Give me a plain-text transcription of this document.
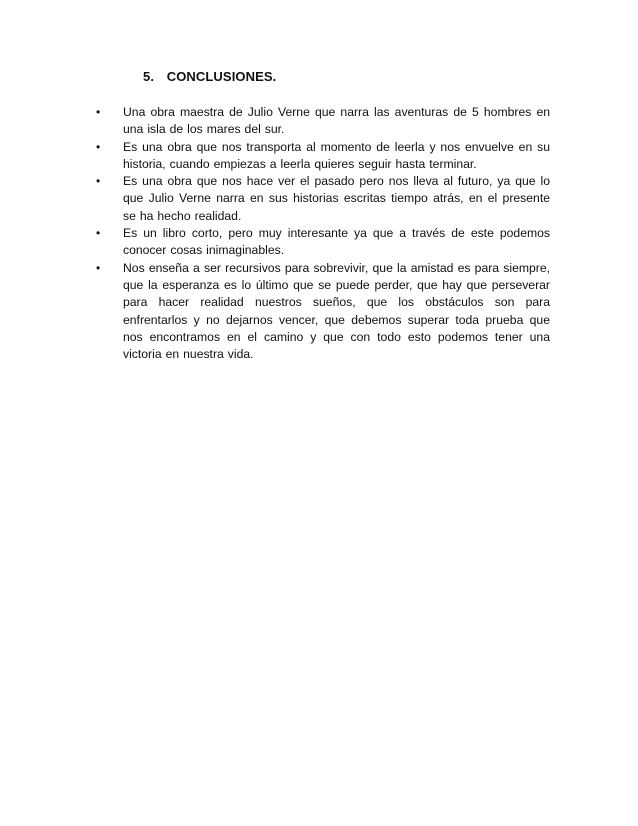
5. CONCLUSIONES.
•	Una obra maestra de Julio Verne que narra las aventuras de 5 hombres en una isla de los mares del sur.
•	Es una obra que nos transporta al momento de leerla y nos envuelve en su historia, cuando empiezas a leerla quieres seguir hasta terminar.
•	Es una obra que nos hace ver el pasado pero nos lleva al futuro, ya que lo que Julio Verne narra en sus historias escritas tiempo atrás, en el presente se ha hecho realidad.
•	Es un libro corto, pero muy interesante ya que a través de este podemos conocer cosas inimaginables.
•	Nos enseña a ser recursivos para sobrevivir, que la amistad es para siempre, que la esperanza es lo último que se puede perder, que hay que perseverar para hacer realidad nuestros sueños, que los obstáculos son para enfrentarlos y no dejarnos vencer, que debemos superar toda prueba que nos encontramos en el camino y que con todo esto podemos tener una victoria en nuestra vida.
